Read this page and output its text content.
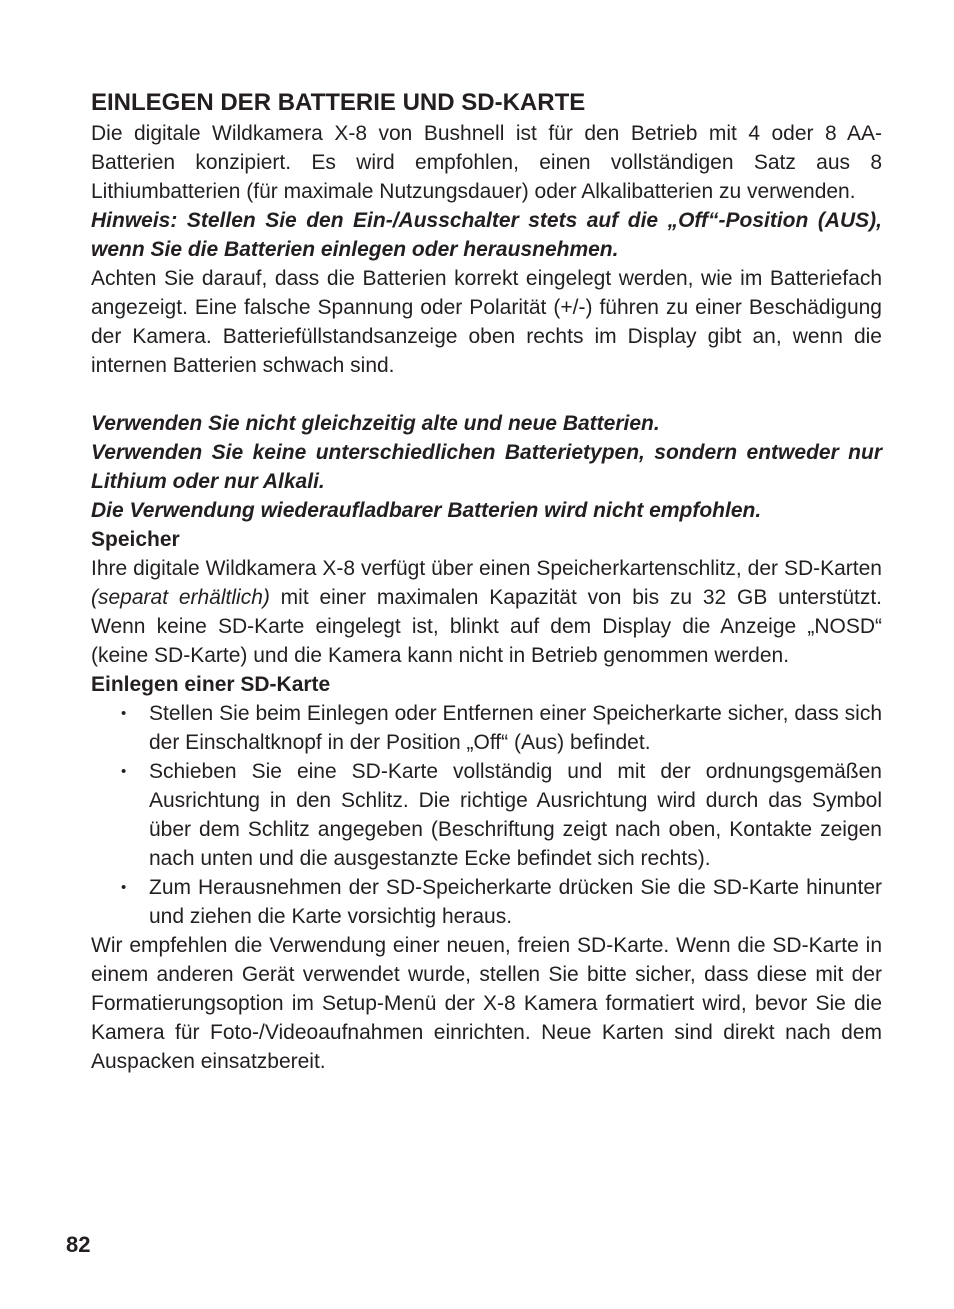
EINLEGEN DER BATTERIE UND SD-KARTE

Die digitale Wildkamera X-8 von Bushnell ist für den Betrieb mit 4 oder 8 AA-Batterien konzipiert. Es wird empfohlen, einen vollständigen Satz aus 8 Lithiumbatterien (für maximale Nutzungsdauer) oder Alkalibatterien zu verwenden.

Hinweis: Stellen Sie den Ein-/Ausschalter stets auf die „Off“-Position (AUS), wenn Sie die Batterien einlegen oder herausnehmen.

Achten Sie darauf, dass die Batterien korrekt eingelegt werden, wie im Batteriefach angezeigt. Eine falsche Spannung oder Polarität (+/-) führen zu einer Beschädigung der Kamera. Batteriefüllstandsanzeige oben rechts im Display gibt an, wenn die internen Batterien schwach sind.

Verwenden Sie nicht gleichzeitig alte und neue Batterien.

Verwenden Sie keine unterschiedlichen Batterietypen, sondern entweder nur Lithium oder nur Alkali.

Die Verwendung wiederaufladbarer Batterien wird nicht empfohlen.

Speicher

Ihre digitale Wildkamera X-8 verfügt über einen Speicherkartenschlitz, der SD-Karten (separat erhältlich) mit einer maximalen Kapazität von bis zu 32 GB unterstützt. Wenn keine SD-Karte eingelegt ist, blinkt auf dem Display die Anzeige „NOSD“ (keine SD-Karte) und die Kamera kann nicht in Betrieb genommen werden.

Einlegen einer SD-Karte
• Stellen Sie beim Einlegen oder Entfernen einer Speicherkarte sicher, dass sich der Einschaltknopf in der Position „Off“ (Aus) befindet.
• Schieben Sie eine SD-Karte vollständig und mit der ordnungsgemäßen Ausrichtung in den Schlitz. Die richtige Ausrichtung wird durch das Symbol über dem Schlitz angegeben (Beschriftung zeigt nach oben, Kontakte zeigen nach unten und die ausgestanzte Ecke befindet sich rechts).
• Zum Herausnehmen der SD-Speicherkarte drücken Sie die SD-Karte hinunter und ziehen die Karte vorsichtig heraus.

Wir empfehlen die Verwendung einer neuen, freien SD-Karte. Wenn die SD-Karte in einem anderen Gerät verwendet wurde, stellen Sie bitte sicher, dass diese mit der Formatierungsoption im Setup-Menü der X-8 Kamera formatiert wird, bevor Sie die Kamera für Foto-/Videoaufnahmen einrichten. Neue Karten sind direkt nach dem Auspacken einsatzbereit.

82
